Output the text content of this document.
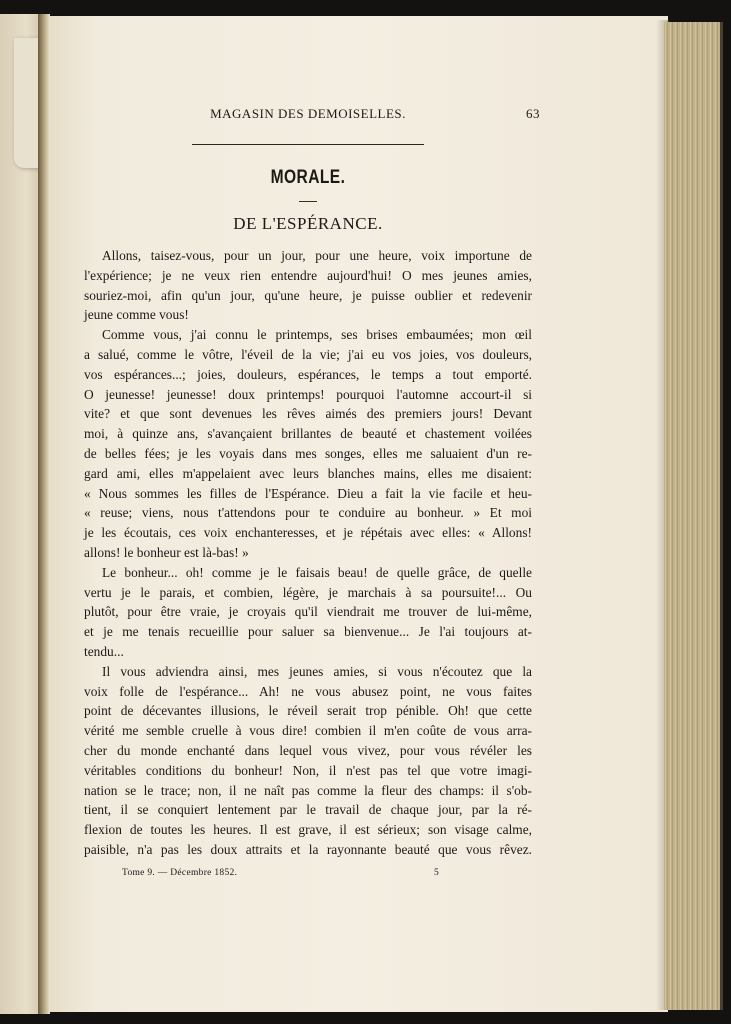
MAGASIN DES DEMOISELLES.	63
MORALE.
DE L'ESPÉRANCE.
Allons, taisez-vous, pour un jour, pour une heure, voix importune de
l'expérience; je ne veux rien entendre aujourd'hui! O mes jeunes amies,
souriez-moi, afin qu'un jour, qu'une heure, je puisse oublier et redevenir
jeune comme vous!
Comme vous, j'ai connu le printemps, ses brises embaumées; mon œil
a salué, comme le vôtre, l'éveil de la vie; j'ai eu vos joies, vos douleurs,
vos espérances...; joies, douleurs, espérances, le temps a tout emporté.
O jeunesse! jeunesse! doux printemps! pourquoi l'automne accourt-il si
vite? et que sont devenues les rêves aimés des premiers jours! Devant
moi, à quinze ans, s'avançaient brillantes de beauté et chastement voilées
de belles fées; je les voyais dans mes songes, elles me saluaient d'un re-
gard ami, elles m'appelaient avec leurs blanches mains, elles me disaient:
« Nous sommes les filles de l'Espérance. Dieu a fait la vie facile et heu-
« reuse; viens, nous t'attendons pour te conduire au bonheur. » Et moi
je les écoutais, ces voix enchanteresses, et je répétais avec elles: « Allons!
allons! le bonheur est là-bas! »
Le bonheur... oh! comme je le faisais beau! de quelle grâce, de quelle
vertu je le parais, et combien, légère, je marchais à sa poursuite!... Ou
plutôt, pour être vraie, je croyais qu'il viendrait me trouver de lui-même,
et je me tenais recueillie pour saluer sa bienvenue... Je l'ai toujours at-
tendu...
Il vous adviendra ainsi, mes jeunes amies, si vous n'écoutez que la
voix folle de l'espérance... Ah! ne vous abusez point, ne vous faites
point de décevantes illusions, le réveil serait trop pénible. Oh! que cette
vérité me semble cruelle à vous dire! combien il m'en coûte de vous arra-
cher du monde enchanté dans lequel vous vivez, pour vous révéler les
véritables conditions du bonheur! Non, il n'est pas tel que votre imagi-
nation se le trace; non, il ne naît pas comme la fleur des champs: il s'ob-
tient, il se conquiert lentement par le travail de chaque jour, par la ré-
flexion de toutes les heures. Il est grave, il est sérieux; son visage calme,
paisible, n'a pas les doux attraits et la rayonnante beauté que vous rêvez.
Tome 9. — Décembre 1852.	5
